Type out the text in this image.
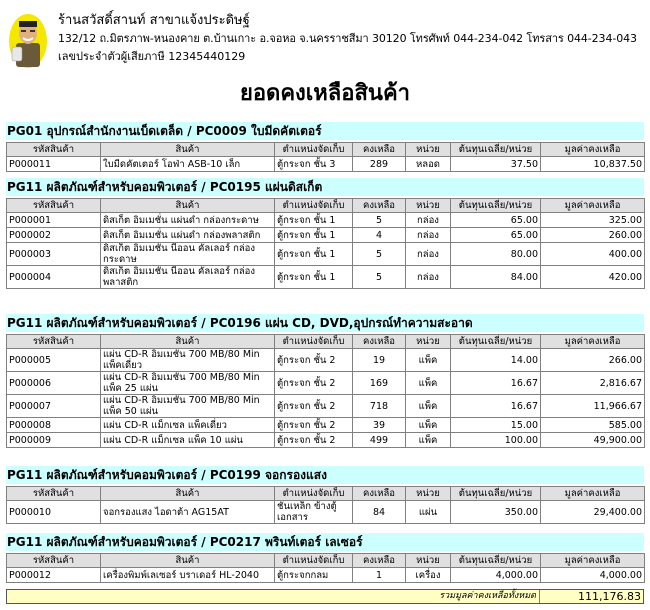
ร้านสวัสดิ์สานท์ สาขาแจ้งประดิษฐ์
132/12 ถ.มิตรภาพ-หนองคาย ต.บ้านเกาะ อ.จอหอ จ.นครราชสีมา 30120 โทรศัพท์ 044-234-042 โทรสาร 044-234-043
เลขประจำตัวผู้เสียภาษี 12345440129
ยอดคงเหลือสินค้า
PG01 อุปกรณ์สำนักงานเบ็ดเตล็ด / PC0009 ใบมีดคัตเตอร์
รหัสสินค้า	สินค้า	ตำแหน่งจัดเก็บ	คงเหลือ	หน่วย	ต้นทุนเฉลี่ย/หน่วย	มูลค่าคงเหลือ
P000011	ใบมีดคัตเตอร์ โอฟ่า ASB-10 เล็ก	ตู้กระจก ชั้น 3	289	หลอด	37.50	10,837.50
PG11 ผลิตภัณฑ์สำหรับคอมพิวเตอร์ / PC0195 แผ่นดิสเก็ต
รหัสสินค้า	สินค้า	ตำแหน่งจัดเก็บ	คงเหลือ	หน่วย	ต้นทุนเฉลี่ย/หน่วย	มูลค่าคงเหลือ
P000001	ดิสเก็ต อิมเมชั่น แผ่นดำ กล่องกระดาษ	ตู้กระจก ชั้น 1	5	กล่อง	65.00	325.00
P000002	ดิสเก็ต อิมเมชั่น แผ่นดำ กล่องพลาสติก	ตู้กระจก ชั้น 1	4	กล่อง	65.00	260.00
P000003	ดิสเก็ต อิมเมชั่น นีออน คัลเลอร์ กล่องกระดาษ	ตู้กระจก ชั้น 1	5	กล่อง	80.00	400.00
P000004	ดิสเก็ต อิมเมชั่น นีออน คัลเลอร์ กล่องพลาสติก	ตู้กระจก ชั้น 1	5	กล่อง	84.00	420.00
PG11 ผลิตภัณฑ์สำหรับคอมพิวเตอร์ / PC0196 แผ่น CD, DVD,อุปกรณ์ทำความสะอาด
รหัสสินค้า	สินค้า	ตำแหน่งจัดเก็บ	คงเหลือ	หน่วย	ต้นทุนเฉลี่ย/หน่วย	มูลค่าคงเหลือ
P000005	แผ่น CD-R อิมเมชั่น 700 MB/80 Min แพ็คเดี่ยว	ตู้กระจก ชั้น 2	19	แพ็ค	14.00	266.00
P000006	แผ่น CD-R อิมเมชั่น 700 MB/80 Min แพ็ค 25 แผ่น	ตู้กระจก ชั้น 2	169	แพ็ค	16.67	2,816.67
P000007	แผ่น CD-R อิมเมชั่น 700 MB/80 Min แพ็ค 50 แผ่น	ตู้กระจก ชั้น 2	718	แพ็ค	16.67	11,966.67
P000008	แผ่น CD-R แม็กเซล แพ็คเดี่ยว	ตู้กระจก ชั้น 2	39	แพ็ค	15.00	585.00
P000009	แผ่น CD-R แม็กเซล แพ็ค 10 แผ่น	ตู้กระจก ชั้น 2	499	แพ็ค	100.00	49,900.00
PG11 ผลิตภัณฑ์สำหรับคอมพิวเตอร์ / PC0199 จอกรองแสง
รหัสสินค้า	สินค้า	ตำแหน่งจัดเก็บ	คงเหลือ	หน่วย	ต้นทุนเฉลี่ย/หน่วย	มูลค่าคงเหลือ
P000010	จอกรองแสง ไอดาต้า AG15AT	ชั้นเหล็ก ข้างตู้เอกสาร	84	แผ่น	350.00	29,400.00
PG11 ผลิตภัณฑ์สำหรับคอมพิวเตอร์ / PC0217 พรินท์เตอร์ เลเซอร์
รหัสสินค้า	สินค้า	ตำแหน่งจัดเก็บ	คงเหลือ	หน่วย	ต้นทุนเฉลี่ย/หน่วย	มูลค่าคงเหลือ
P000012	เครื่องพิมพ์เลเซอร์ บราเดอร์ HL-2040	ตู้กระจกกลม	1	เครื่อง	4,000.00	4,000.00
รวมมูลค่าคงเหลือทั้งหมด	111,176.83
